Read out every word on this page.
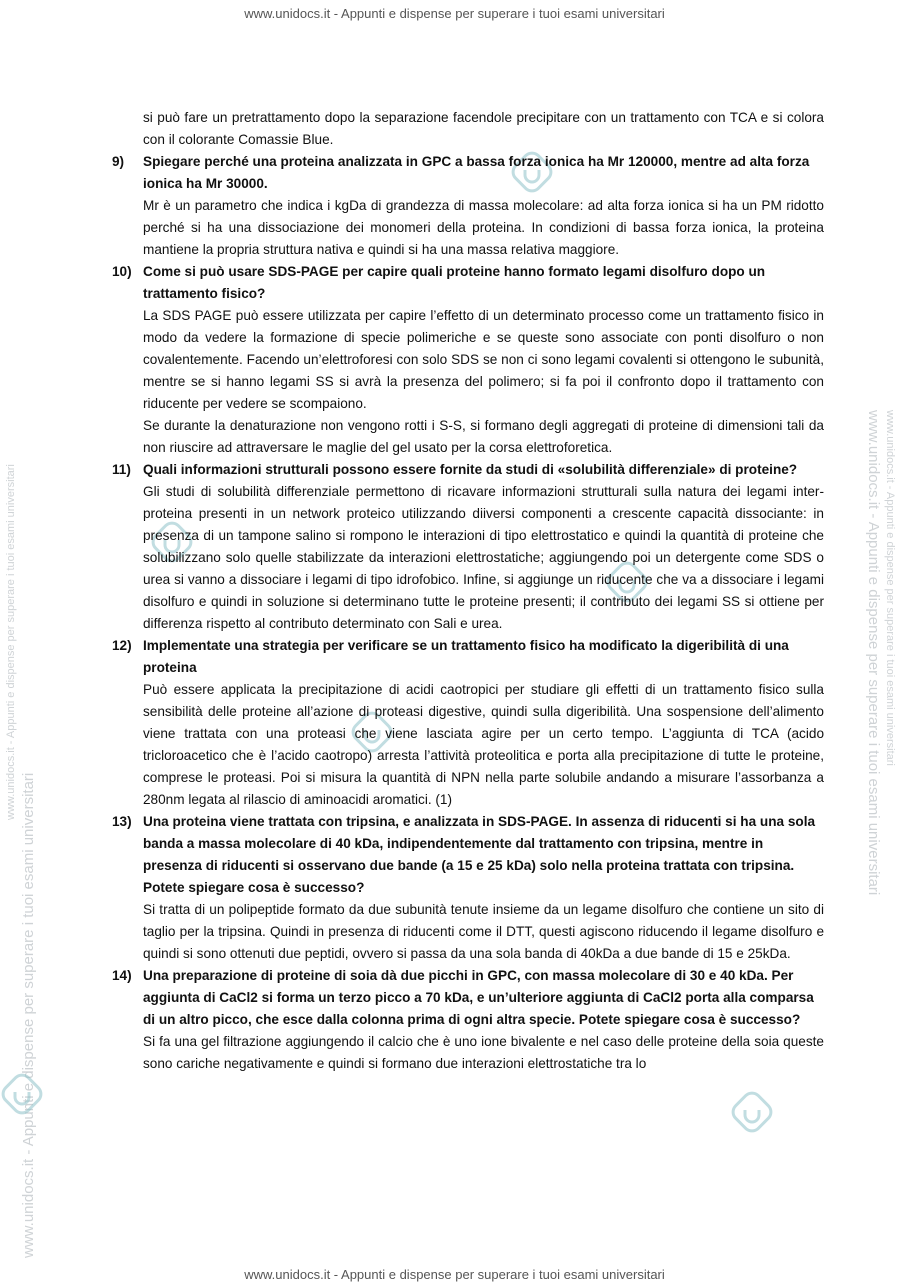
www.unidocs.it - Appunti e dispense per superare i tuoi esami universitari
www.unidocs.it - Appunti e dispense per superare i tuoi esami universitari
www.unidocs.it - Appunti e dispense per superare i tuoi esami universitari
www.unidocs.it - Appunti e dispense per superare i tuoi esami universitari	www.unidocs.it - Appunti e dispense per superare i tuoi esami universitari

si può fare un pretrattamento dopo la separazione facendole precipitare con un trattamento con TCA e si colora con il colorante Comassie Blue.

9) Spiegare perché una proteina analizzata in GPC a bassa forza ionica ha Mr 120000, mentre ad alta forza ionica ha Mr 30000.

Mr è un parametro che indica i kgDa di grandezza di massa molecolare: ad alta forza ionica si ha un PM ridotto perché si ha una dissociazione dei monomeri della proteina. In condizioni di bassa forza ionica, la proteina mantiene la propria struttura nativa e quindi si ha una massa relativa maggiore.

10) Come si può usare SDS-PAGE per capire quali proteine hanno formato legami disolfuro dopo un trattamento fisico?

La SDS PAGE può essere utilizzata per capire l’effetto di un determinato processo come un trattamento fisico in modo da vedere la formazione di specie polimeriche e se queste sono associate con ponti disolfuro o non covalentemente. Facendo un’elettroforesi con solo SDS se non ci sono legami covalenti si ottengono le subunità, mentre se si hanno legami SS si avrà la presenza del polimero; si fa poi il confronto dopo il trattamento con riducente per vedere se scompaiono.

Se durante la denaturazione non vengono rotti i S-S, si formano degli aggregati di proteine di dimensioni tali da non riuscire ad attraversare le maglie del gel usato per la corsa elettroforetica.

11) Quali informazioni strutturali possono essere fornite da studi di «solubilità differenziale» di proteine?

Gli studi di solubilità differenziale permettono di ricavare informazioni strutturali sulla natura dei legami inter-proteina presenti in un network proteico utilizzando diiversi componenti a crescente capacità dissociante: in presenza di un tampone salino si rompono le interazioni di tipo elettrostatico e quindi la quantità di proteine che solubilizzano solo quelle stabilizzate da interazioni elettrostatiche; aggiungendo poi un detergente come SDS o urea si vanno a dissociare i legami di tipo idrofobico. Infine, si aggiunge un riducente che va a dissociare i legami disolfuro e quindi in soluzione si determinano tutte le proteine presenti; il contributo dei legami SS si ottiene per differenza rispetto al contributo determinato con Sali e urea.

12) Implementate una strategia per verificare se un trattamento fisico ha modificato la digeribilità di una proteina

Può essere applicata la precipitazione di acidi caotropici per studiare gli effetti di un trattamento fisico sulla sensibilità delle proteine all’azione di proteasi digestive, quindi sulla digeribilità. Una sospensione dell’alimento viene trattata con una proteasi che viene lasciata agire per un certo tempo. L’aggiunta di TCA (acido tricloroacetico che è l’acido caotropo) arresta l’attività proteolitica e porta alla precipitazione di tutte le proteine, comprese le proteasi. Poi si misura la quantità di NPN nella parte solubile andando a misurare l’assorbanza a 280nm legata al rilascio di aminoacidi aromatici. (1)

13) Una proteina viene trattata con tripsina, e analizzata in SDS-PAGE. In assenza di riducenti si ha una sola banda a massa molecolare di 40 kDa, indipendentemente dal trattamento con tripsina, mentre in presenza di riducenti si osservano due bande (a 15 e 25 kDa) solo nella proteina trattata con tripsina. Potete spiegare cosa è successo?

Si tratta di un polipeptide formato da due subunità tenute insieme da un legame disolfuro che contiene un sito di taglio per la tripsina. Quindi in presenza di riducenti come il DTT, questi agiscono riducendo il legame disolfuro e quindi si sono ottenuti due peptidi, ovvero si passa da una sola banda di 40kDa a due bande di 15 e 25kDa.

14) Una preparazione di proteine di soia dà due picchi in GPC, con massa molecolare di 30 e 40 kDa. Per aggiunta di CaCl2 si forma un terzo picco a 70 kDa, e un’ulteriore aggiunta di CaCl2 porta alla comparsa di un altro picco, che esce dalla colonna prima di ogni altra specie. Potete spiegare cosa è successo?

Si fa una gel filtrazione aggiungendo il calcio che è uno ione bivalente e nel caso delle proteine della soia queste sono cariche negativamente e quindi si formano due interazioni elettrostatiche tra lo

www.unidocs.it - Appunti e dispense per superare i tuoi esami universitari
